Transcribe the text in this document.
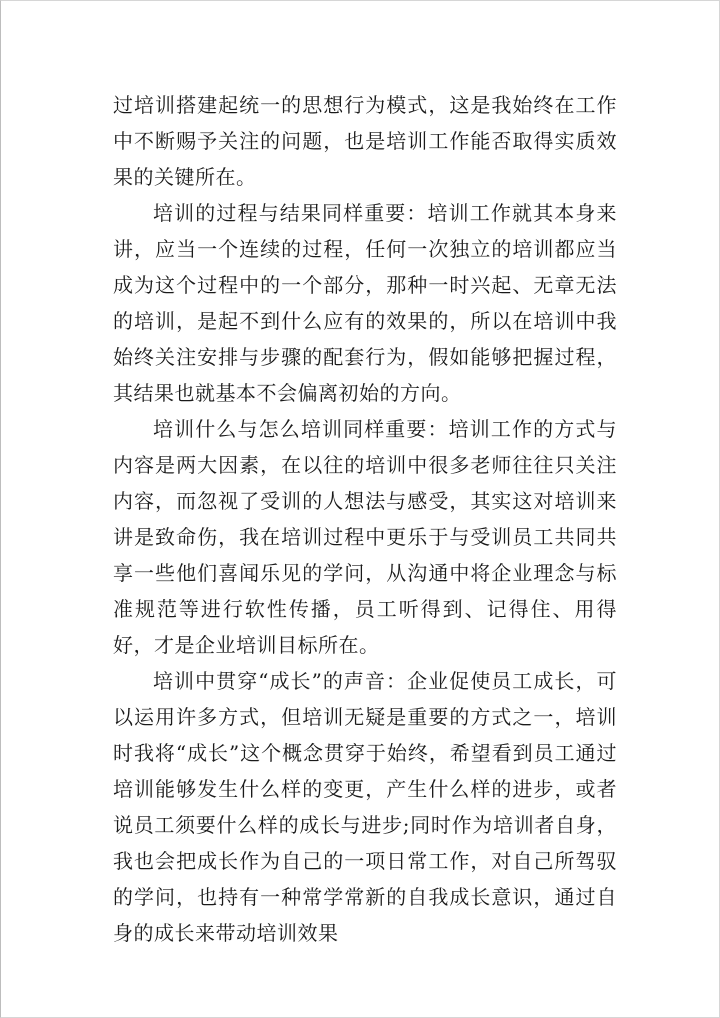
过培训搭建起统一的思想行为模式，这是我始终在工作中不断赐予关注的问题，也是培训工作能否取得实质效果的关键所在。

培训的过程与结果同样重要：培训工作就其本身来讲，应当一个连续的过程，任何一次独立的培训都应当成为这个过程中的一个部分，那种一时兴起、无章无法的培训，是起不到什么应有的效果的，所以在培训中我始终关注安排与步骤的配套行为，假如能够把握过程，其结果也就基本不会偏离初始的方向。

培训什么与怎么培训同样重要：培训工作的方式与内容是两大因素，在以往的培训中很多老师往往只关注内容，而忽视了受训的人想法与感受，其实这对培训来讲是致命伤，我在培训过程中更乐于与受训员工共同共享一些他们喜闻乐见的学问，从沟通中将企业理念与标准规范等进行软性传播，员工听得到、记得住、用得好，才是企业培训目标所在。

培训中贯穿“成长”的声音：企业促使员工成长，可以运用许多方式，但培训无疑是重要的方式之一，培训时我将“成长”这个概念贯穿于始终，希望看到员工通过培训能够发生什么样的变更，产生什么样的进步，或者说员工须要什么样的成长与进步;同时作为培训者自身，我也会把成长作为自己的一项日常工作，对自己所驾驭的学问，也持有一种常学常新的自我成长意识，通过自身的成长来带动培训效果
